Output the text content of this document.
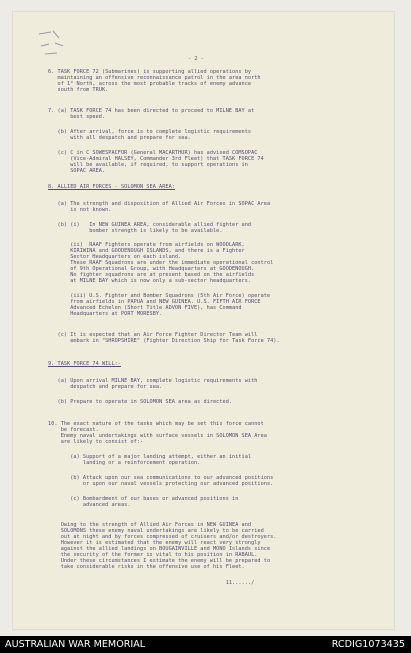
- 2 -
6. TASK FORCE 72 (Submarines) is supporting allied operations by
maintaining an offensive reconnaissance patrol in the area north
of 1° North, across the most probable tracks of enemy advance
south from TRUK.
7. (a) TASK FORCE 74 has been directed to proceed to MILNE BAY at
best speed.
(b) After arrival, force is to complete logistic requirements
with all despatch and prepare for sea.
(c) C in C SOWESPACFOR (General MACARTHUR) has advised COMSOPAC
(Vice-Admiral HALSEY, Commander 3rd Fleet) that TASK FORCE 74
will be available, if required, to support operations in
SOPAC AREA.
8. ALLIED AIR FORCES - SOLOMON SEA AREA:
(a) The strength and disposition of Allied Air Forces in SOPAC Area
is not known.
(b) (i)   In NEW GUINEA AREA, considerable allied fighter and
bomber strength is likely to be available.
(ii)  RAAF Fighters operate from airfields on WOODLARK,
KIRIWINA and GOODENOUGH ISLANDS, and there is a Fighter
Sector Headquarters on each island.
These RAAF Squadrons are under the immediate operational control
of 9th Operational Group, with Headquarters at GOODENOUGH.
No fighter squadrons are at present based on the airfields
at MILNE BAY which is now only a sub-sector headquarters.
(iii) U.S. Fighter and Bomber Squadrons (5th Air Force) operate
from airfields in PAPUA and NEW GUINEA. U.S. FIFTH AIR FORCE
Advanced Echelon (Short Title ADVON FIVE), has Command
Headquarters at PORT MORESBY.
(c) It is expected that an Air Force Fighter Director Team will
embark in "SHROPSHIRE" (Fighter Direction Ship for Task Force 74).
9. TASK FORCE 74 WILL:-
(a) Upon arrival MILNE BAY, complete logistic requirements with
despatch and prepare for sea.
(b) Prepare to operate in SOLOMON SEA area as directed.
10. The exact nature of the tasks which may be set this force cannot
be forecast.
Enemy naval undertakings with surface vessels in SOLOMON SEA Area
are likely to consist of:-
(a) Support of a major landing attempt, either an initial
landing or a reinforcement operation.
(b) Attack upon our sea communications to our advanced positions
or upon our naval vessels protecting our advanced positions.
(c) Bombardment of our bases or advanced positions in
advanced areas.
Owing to the strength of Allied Air Forces in NEW GUINEA and
SOLOMONS these enemy naval undertakings are likely to be carried
out at night and by forces compressed of cruisers and/or destroyers.
However it is estimated that the enemy will react very strongly
against the allied landings on BOUGAINVILLE and MONO Islands since
the security of the former is vital to his position in RABAUL.
Under these circumstances I estimate the enemy will be prepared to
take considerable risks in the offensive use of his Fleet.
11....../
AUSTRALIAN WAR MEMORIAL	RCDIG1073435
